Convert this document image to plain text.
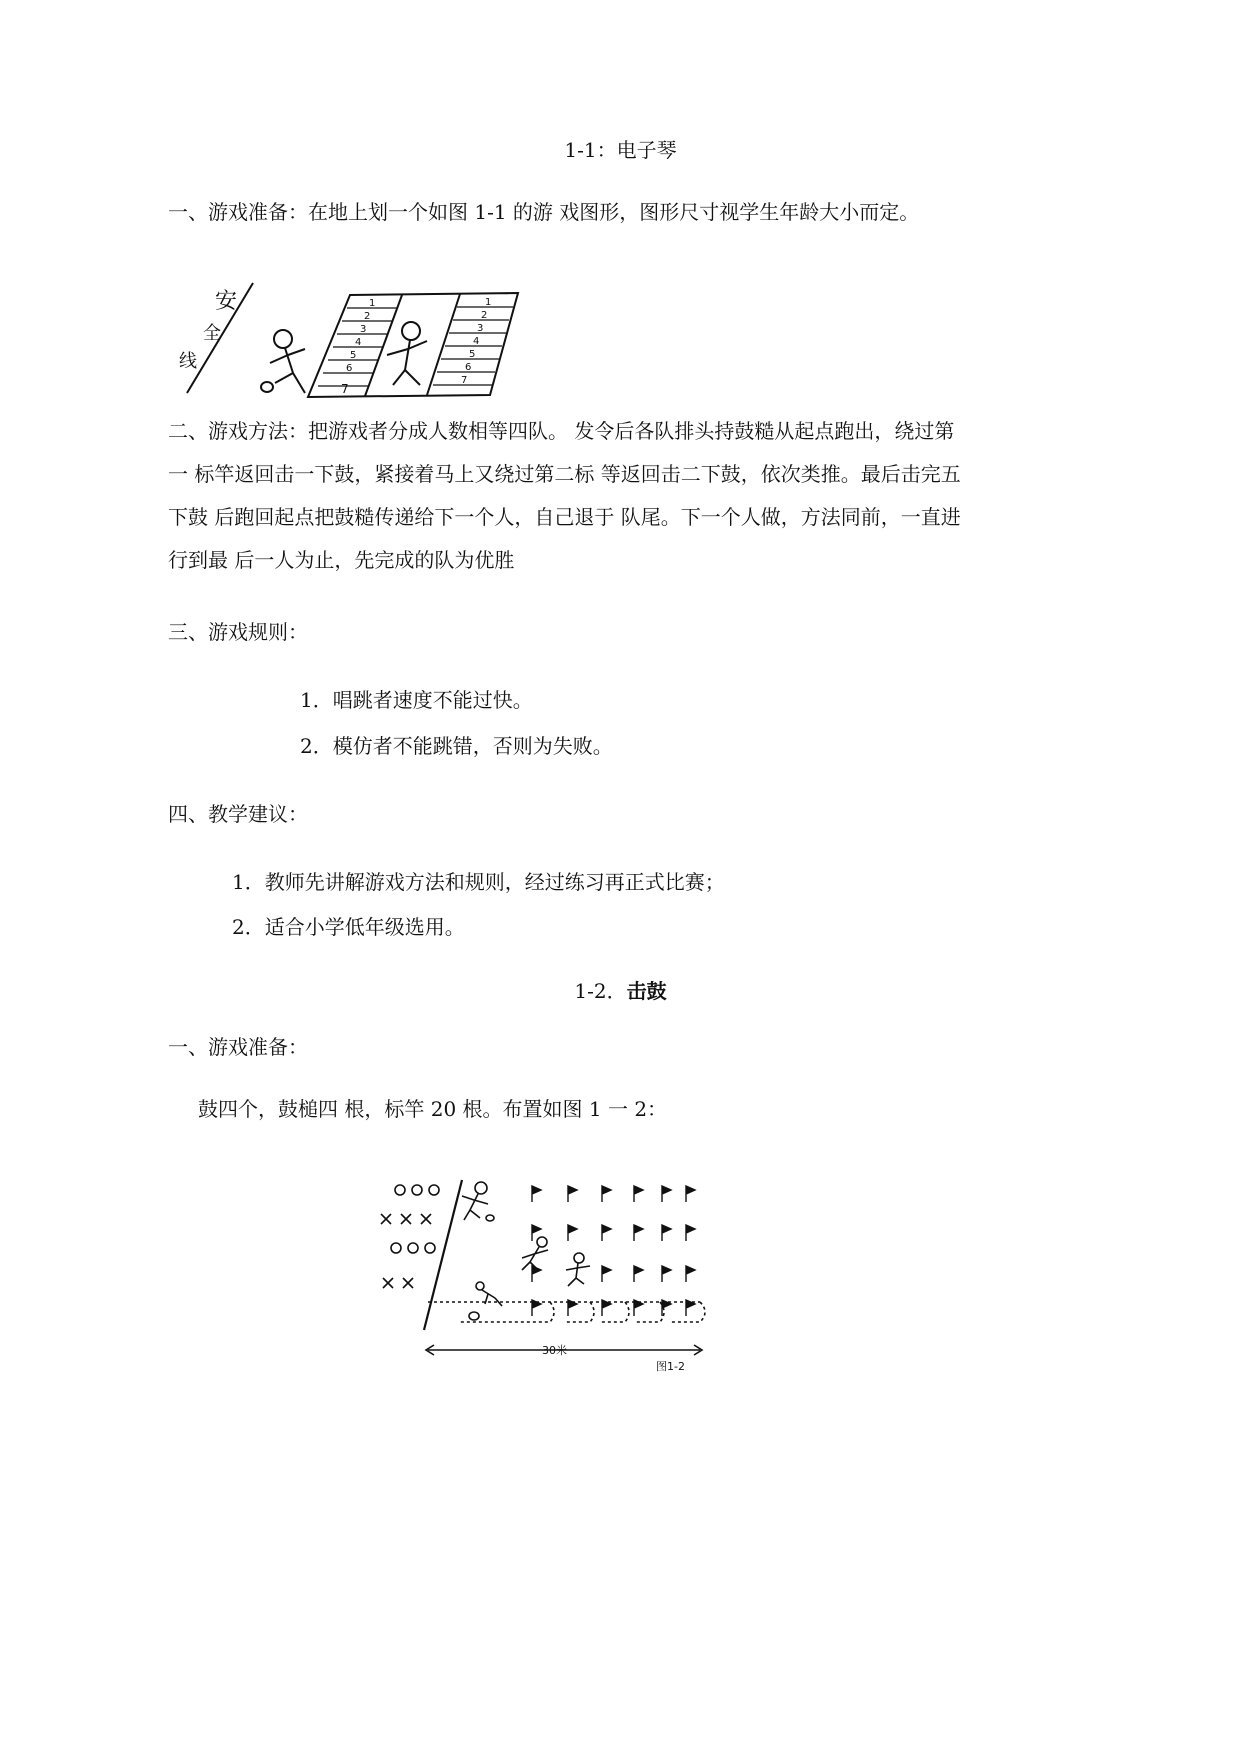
1-1：电子琴
一、游戏准备：在地上划一个如图 1-1 的游 戏图形，图形尺寸视学生年龄大小而定。
安
全
线
1
2
3
4
5
6
7
1
2
3
4
5
6
7
二、游戏方法：把游戏者分成人数相等四队。 发令后各队排头持鼓糙从起点跑出，绕过第
一 标竿返回击一下鼓，紧接着马上又绕过第二标 等返回击二下鼓，依次类推。最后击完五
下鼓 后跑回起点把鼓糙传递给下一个人，自己退于 队尾。下一个人做，方法同前，一直进
行到最 后一人为止，先完成的队为优胜
三、游戏规则：
1．唱跳者速度不能过快。
2．模仿者不能跳错，否则为失败。
四、教学建议：
1．教师先讲解游戏方法和规则，经过练习再正式比赛；
2．适合小学低年级选用。
1-2．击鼓
一、游戏准备：
鼓四个，鼓槌四 根，标竿 20 根。布置如图 1 一 2：
30米
图1-2
